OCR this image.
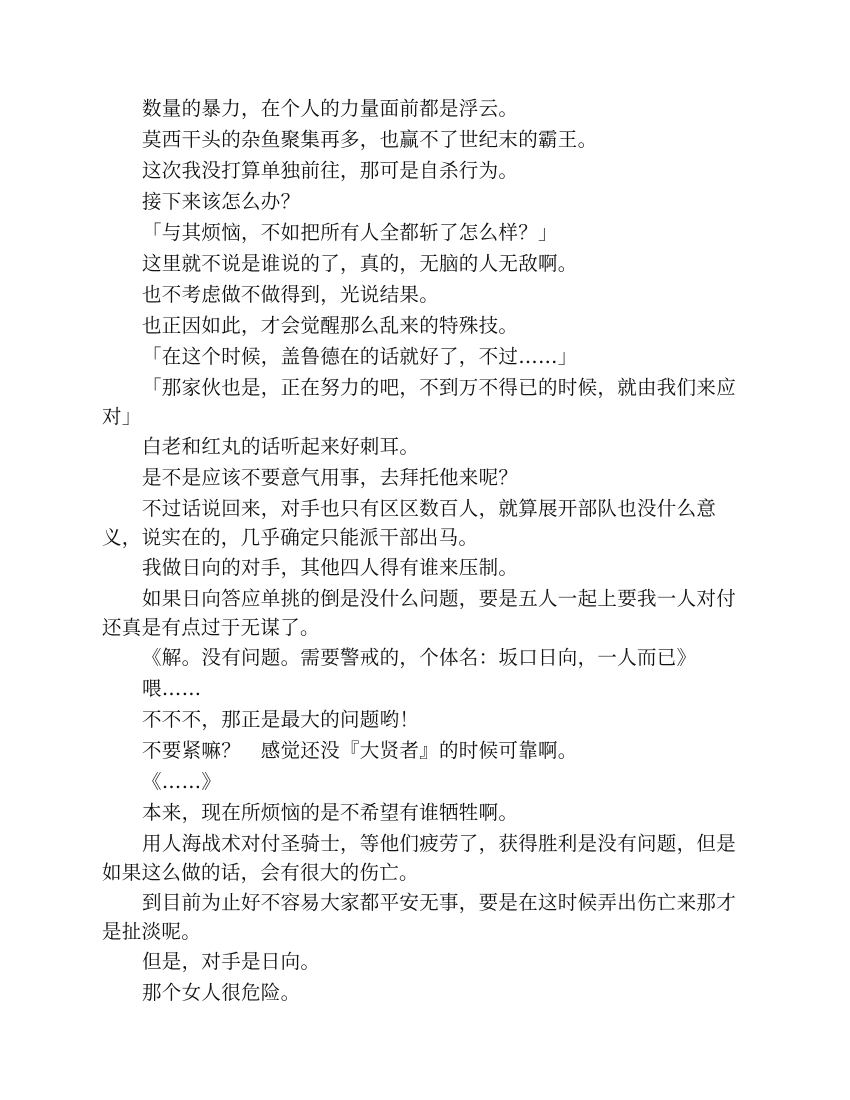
数量的暴力，在个人的力量面前都是浮云。

莫西干头的杂鱼聚集再多，也赢不了世纪末的霸王。

这次我没打算单独前往，那可是自杀行为。

接下来该怎么办？

「与其烦恼，不如把所有人全都斩了怎么样？」

这里就不说是谁说的了，真的，无脑的人无敌啊。

也不考虑做不做得到，光说结果。

也正因如此，才会觉醒那么乱来的特殊技。

「在这个时候，盖鲁德在的话就好了，不过……」

「那家伙也是，正在努力的吧，不到万不得已的时候，就由我们来应对」

白老和红丸的话听起来好刺耳。

是不是应该不要意气用事，去拜托他来呢？

不过话说回来，对手也只有区区数百人，就算展开部队也没什么意义，说实在的，几乎确定只能派干部出马。

我做日向的对手，其他四人得有谁来压制。

如果日向答应单挑的倒是没什么问题，要是五人一起上要我一人对付还真是有点过于无谋了。

《解。没有问题。需要警戒的，个体名：坂口日向，一人而已》

喂……

不不不，那正是最大的问题哟！

不要紧嘛？　感觉还没『大贤者』的时候可靠啊。

《……》

本来，现在所烦恼的是不希望有谁牺牲啊。

用人海战术对付圣骑士，等他们疲劳了，获得胜利是没有问题，但是如果这么做的话，会有很大的伤亡。

到目前为止好不容易大家都平安无事，要是在这时候弄出伤亡来那才是扯淡呢。

但是，对手是日向。

那个女人很危险。
